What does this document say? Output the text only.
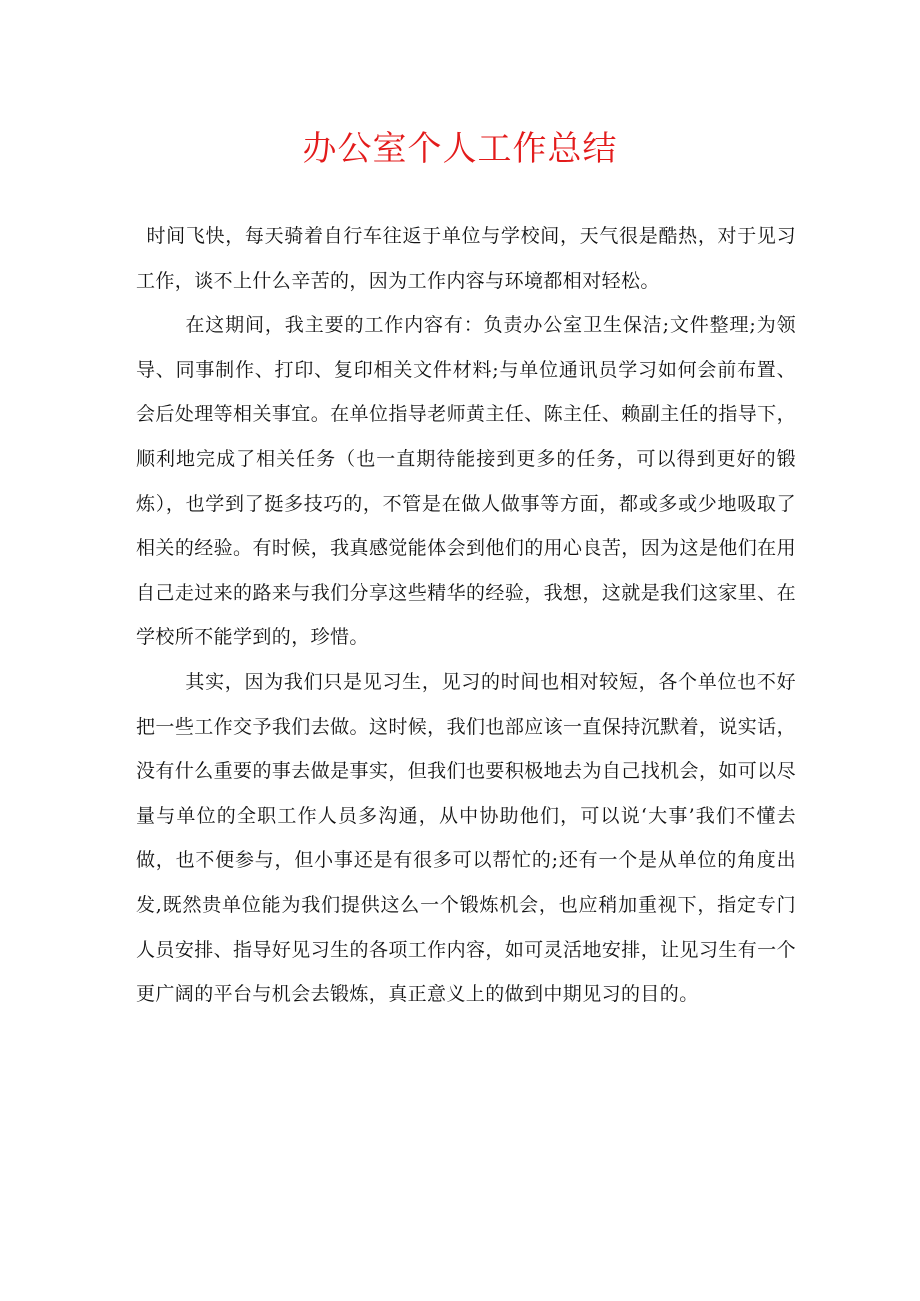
办公室个人工作总结

时间飞快，每天骑着自行车往返于单位与学校间，天气很是酷热，对于见习工作，谈不上什么辛苦的，因为工作内容与环境都相对轻松。

在这期间，我主要的工作内容有：负责办公室卫生保洁;文件整理;为领导、同事制作、打印、复印相关文件材料;与单位通讯员学习如何会前布置、会后处理等相关事宜。在单位指导老师黄主任、陈主任、赖副主任的指导下，顺利地完成了相关任务（也一直期待能接到更多的任务，可以得到更好的锻炼），也学到了挺多技巧的，不管是在做人做事等方面，都或多或少地吸取了相关的经验。有时候，我真感觉能体会到他们的用心良苦，因为这是他们在用自己走过来的路来与我们分享这些精华的经验，我想，这就是我们这家里、在学校所不能学到的，珍惜。

其实，因为我们只是见习生，见习的时间也相对较短，各个单位也不好把一些工作交予我们去做。这时候，我们也部应该一直保持沉默着，说实话，没有什么重要的事去做是事实，但我们也要积极地去为自己找机会，如可以尽量与单位的全职工作人员多沟通，从中协助他们，可以说‘大事’我们不懂去做，也不便参与，但小事还是有很多可以帮忙的;还有一个是从单位的角度出发,既然贵单位能为我们提供这么一个锻炼机会，也应稍加重视下，指定专门人员安排、指导好见习生的各项工作内容，如可灵活地安排，让见习生有一个更广阔的平台与机会去锻炼，真正意义上的做到中期见习的目的。
